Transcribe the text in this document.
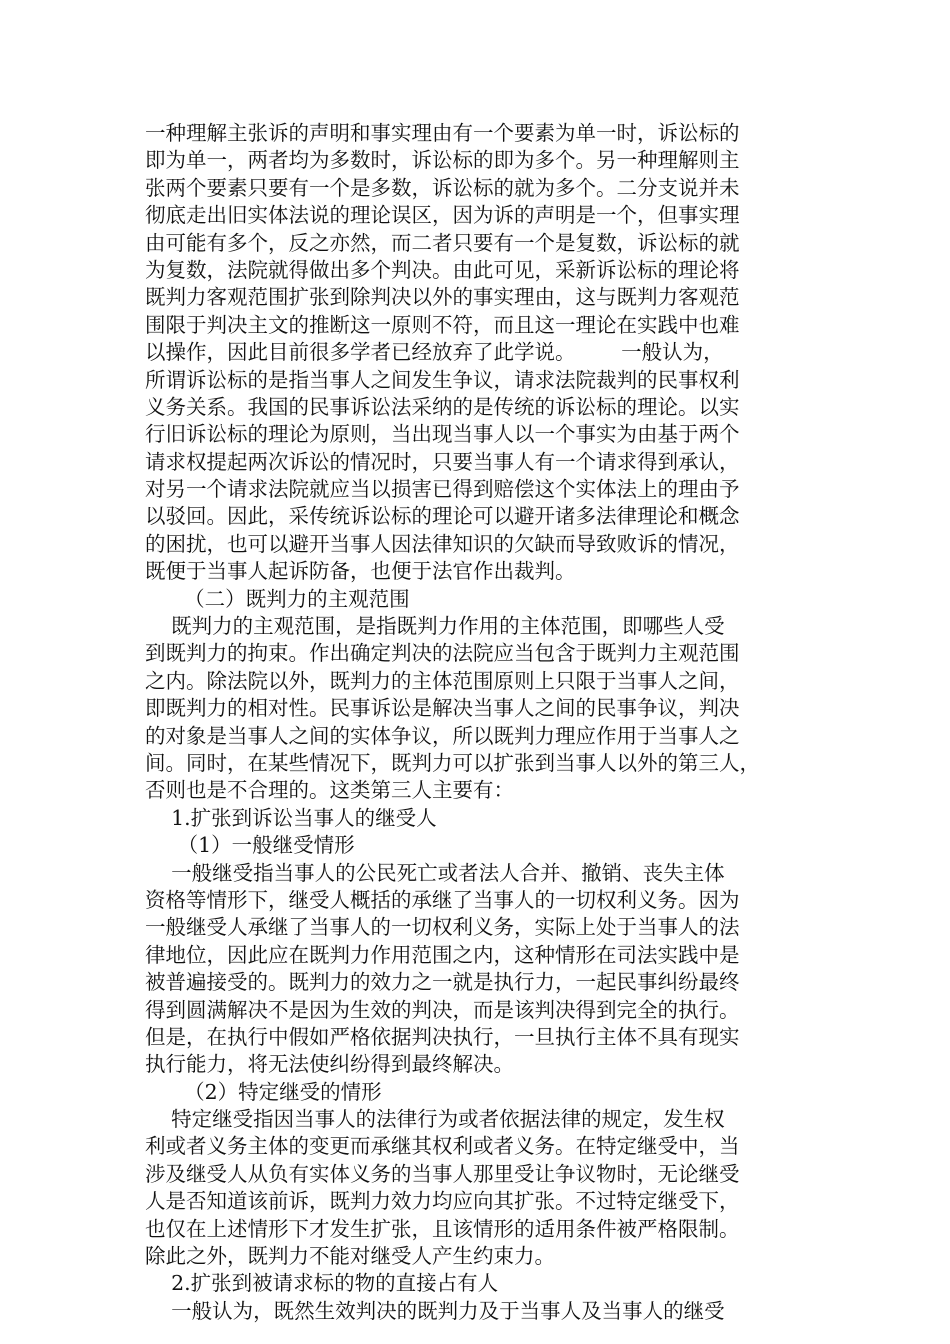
一种理解主张诉的声明和事实理由有一个要素为单一时，诉讼标的
即为单一，两者均为多数时，诉讼标的即为多个。另一种理解则主
张两个要素只要有一个是多数，诉讼标的就为多个。二分支说并未
彻底走出旧实体法说的理论误区，因为诉的声明是一个，但事实理
由可能有多个，反之亦然，而二者只要有一个是复数，诉讼标的就
为复数，法院就得做出多个判决。由此可见，采新诉讼标的理论将
既判力客观范围扩张到除判决以外的事实理由，这与既判力客观范
围限于判决主文的推断这一原则不符，而且这一理论在实践中也难
以操作，因此目前很多学者已经放弃了此学说。       一般认为，
所谓诉讼标的是指当事人之间发生争议，请求法院裁判的民事权利
义务关系。我国的民事诉讼法采纳的是传统的诉讼标的理论。以实
行旧诉讼标的理论为原则，当出现当事人以一个事实为由基于两个
请求权提起两次诉讼的情况时，只要当事人有一个请求得到承认，
对另一个请求法院就应当以损害已得到赔偿这个实体法上的理由予
以驳回。因此，采传统诉讼标的理论可以避开诸多法律理论和概念
的困扰，也可以避开当事人因法律知识的欠缺而导致败诉的情况，
既便于当事人起诉防备，也便于法官作出裁判。
（二）既判力的主观范围
既判力的主观范围，是指既判力作用的主体范围，即哪些人受
到既判力的拘束。作出确定判决的法院应当包含于既判力主观范围
之内。除法院以外，既判力的主体范围原则上只限于当事人之间，
即既判力的相对性。民事诉讼是解决当事人之间的民事争议，判决
的对象是当事人之间的实体争议，所以既判力理应作用于当事人之
间。同时，在某些情况下，既判力可以扩张到当事人以外的第三人，
否则也是不合理的。这类第三人主要有：
1.扩张到诉讼当事人的继受人
（1）一般继受情形
一般继受指当事人的公民死亡或者法人合并、撤销、丧失主体
资格等情形下，继受人概括的承继了当事人的一切权利义务。因为
一般继受人承继了当事人的一切权利义务，实际上处于当事人的法
律地位，因此应在既判力作用范围之内，这种情形在司法实践中是
被普遍接受的。既判力的效力之一就是执行力，一起民事纠纷最终
得到圆满解决不是因为生效的判决，而是该判决得到完全的执行。
但是，在执行中假如严格依据判决执行，一旦执行主体不具有现实
执行能力，将无法使纠纷得到最终解决。
（2）特定继受的情形
特定继受指因当事人的法律行为或者依据法律的规定，发生权
利或者义务主体的变更而承继其权利或者义务。在特定继受中，当
涉及继受人从负有实体义务的当事人那里受让争议物时，无论继受
人是否知道该前诉，既判力效力均应向其扩张。不过特定继受下，
也仅在上述情形下才发生扩张，且该情形的适用条件被严格限制。
除此之外，既判力不能对继受人产生约束力。
2.扩张到被请求标的物的直接占有人
一般认为，既然生效判决的既判力及于当事人及当事人的继受
